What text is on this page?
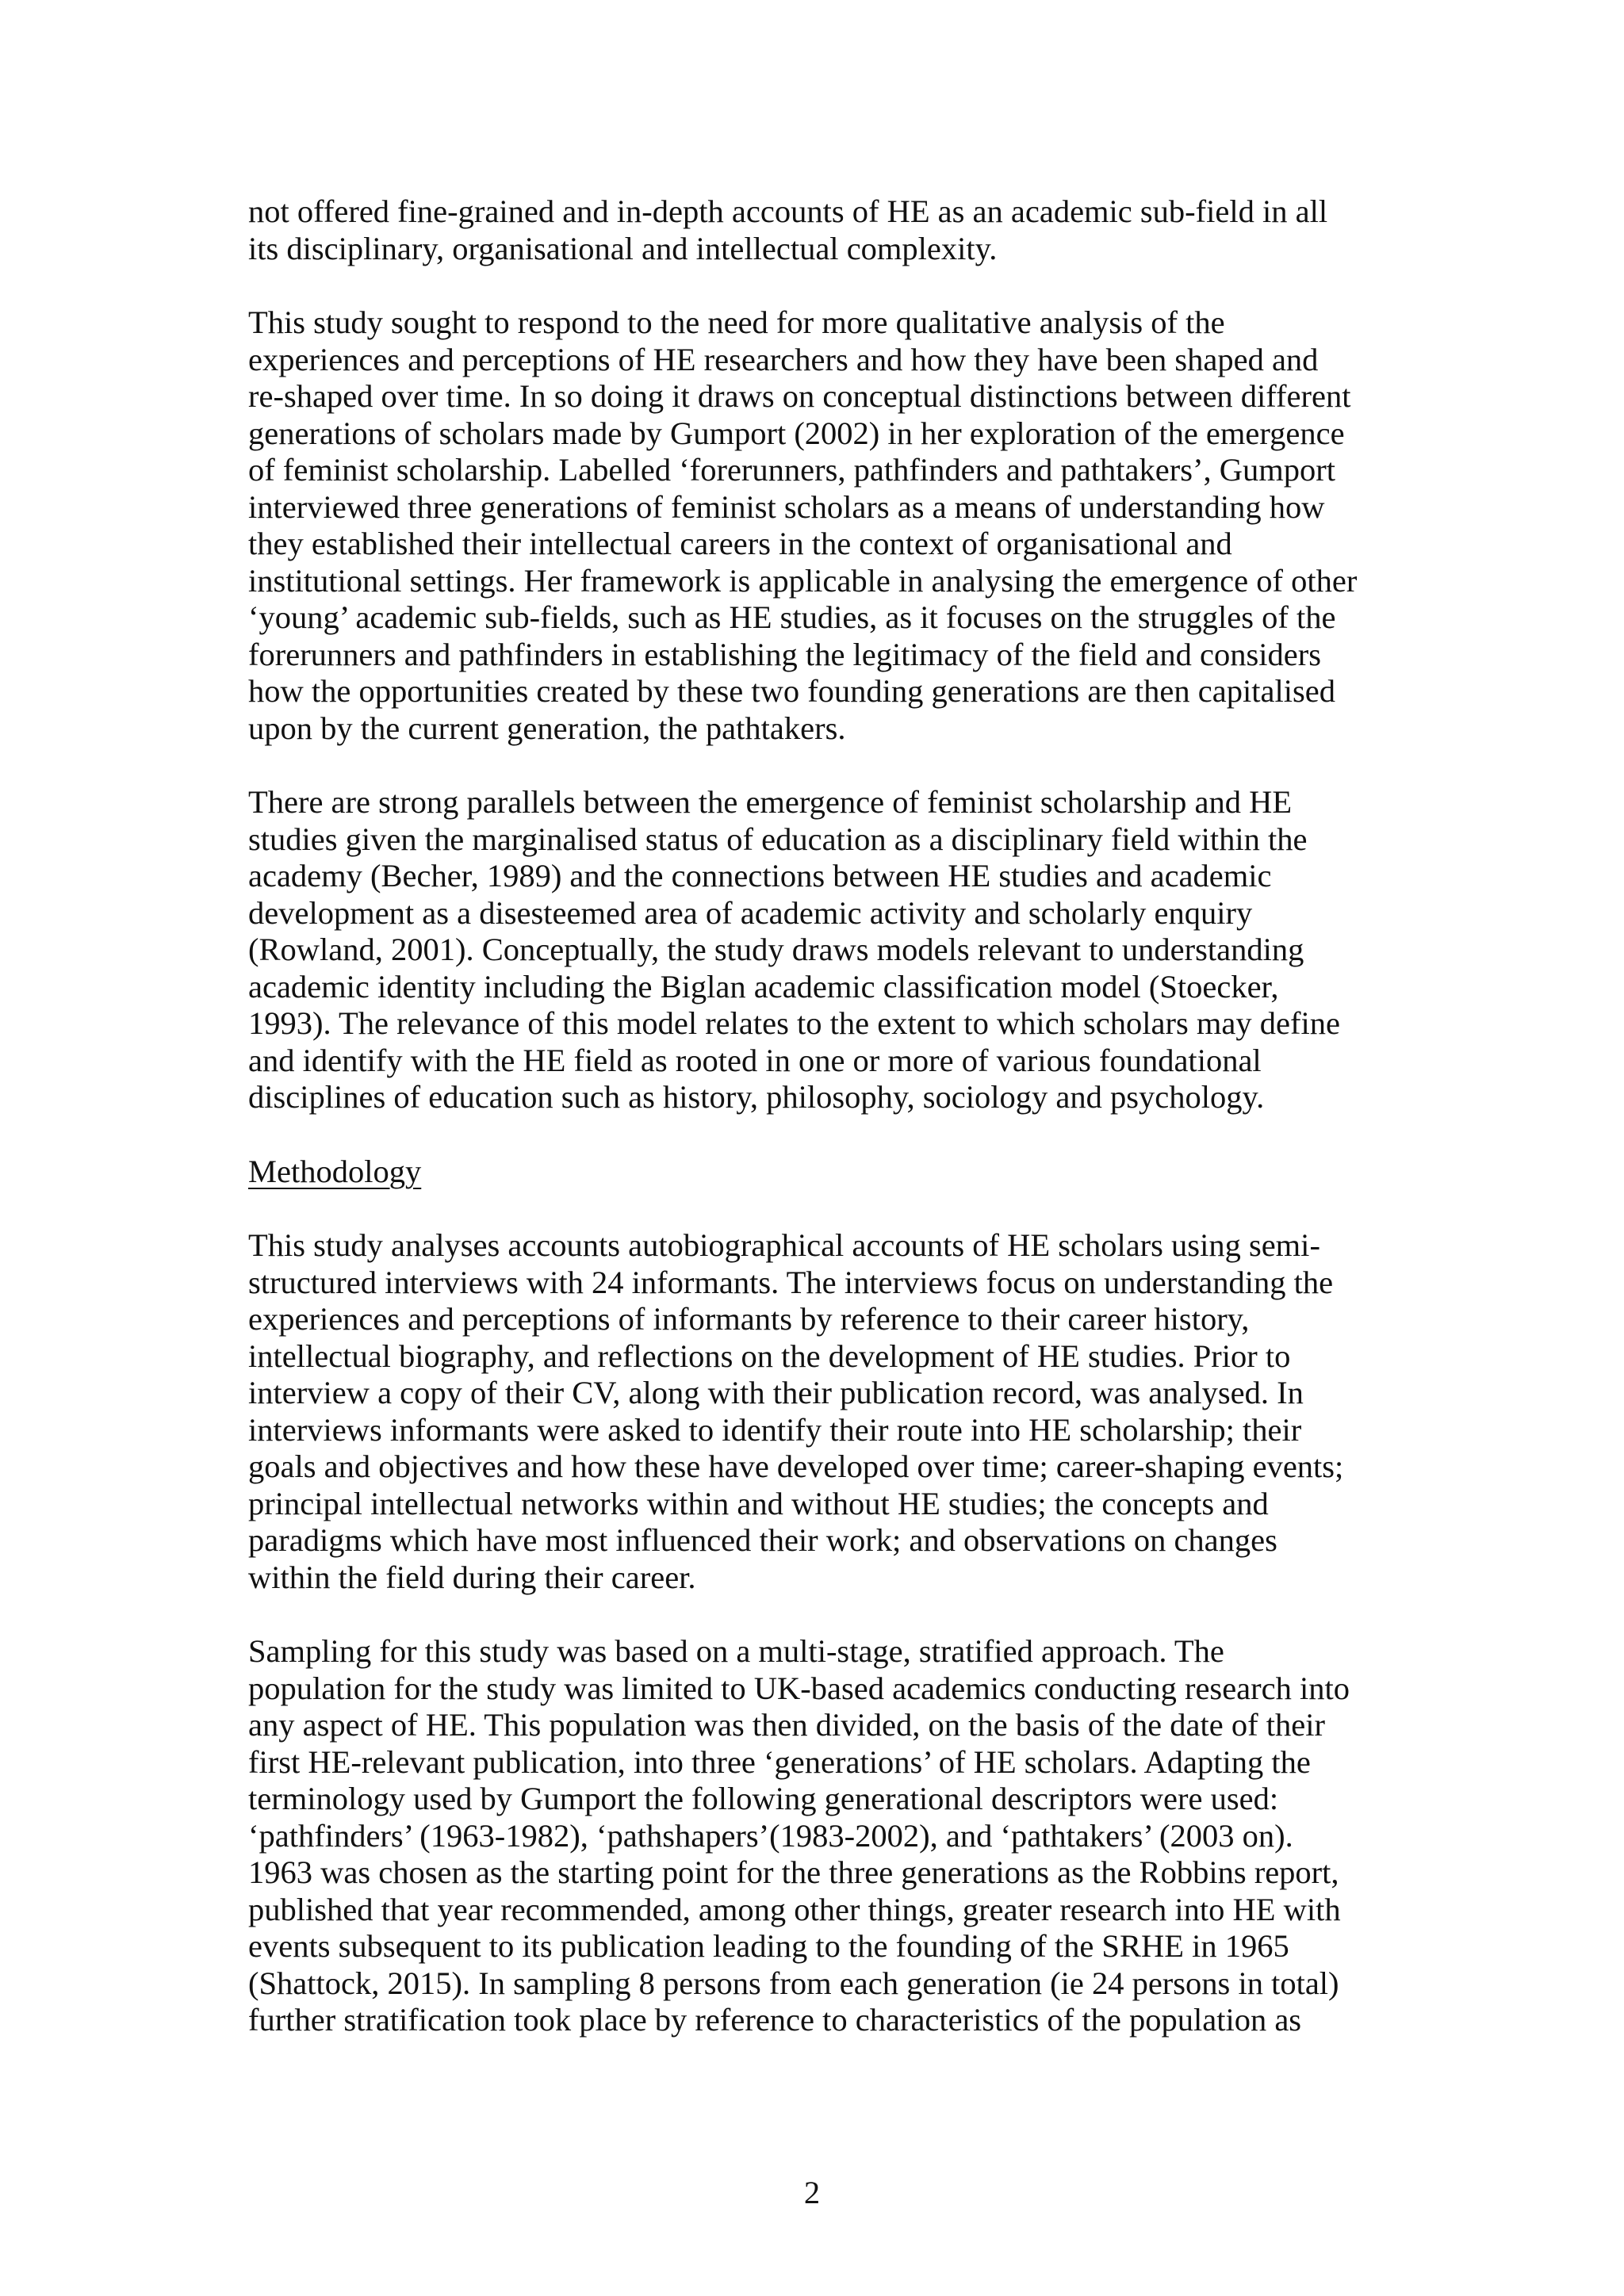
not offered fine-grained and in-depth accounts of HE as an academic sub-field in all
its disciplinary, organisational and intellectual complexity.
This study sought to respond to the need for more qualitative analysis of the
experiences and perceptions of HE researchers and how they have been shaped and
re-shaped over time. In so doing it draws on conceptual distinctions between different
generations of scholars made by Gumport (2002) in her exploration of the emergence
of feminist scholarship. Labelled ‘forerunners, pathfinders and pathtakers’, Gumport
interviewed three generations of feminist scholars as a means of understanding how
they established their intellectual careers in the context of organisational and
institutional settings. Her framework is applicable in analysing the emergence of other
‘young’ academic sub-fields, such as HE studies, as it focuses on the struggles of the
forerunners and pathfinders in establishing the legitimacy of the field and considers
how the opportunities created by these two founding generations are then capitalised
upon by the current generation, the pathtakers.
There are strong parallels between the emergence of feminist scholarship and HE
studies given the marginalised status of education as a disciplinary field within the
academy (Becher, 1989) and the connections between HE studies and academic
development as a disesteemed area of academic activity and scholarly enquiry
(Rowland, 2001). Conceptually, the study draws models relevant to understanding
academic identity including the Biglan academic classification model (Stoecker,
1993). The relevance of this model relates to the extent to which scholars may define
and identify with the HE field as rooted in one or more of various foundational
disciplines of education such as history, philosophy, sociology and psychology.
Methodology
This study analyses accounts autobiographical accounts of HE scholars using semi-
structured interviews with 24 informants. The interviews focus on understanding the
experiences and perceptions of informants by reference to their career history,
intellectual biography, and reflections on the development of HE studies. Prior to
interview a copy of their CV, along with their publication record, was analysed. In
interviews informants were asked to identify their route into HE scholarship; their
goals and objectives and how these have developed over time; career-shaping events;
principal intellectual networks within and without HE studies; the concepts and
paradigms which have most influenced their work; and observations on changes
within the field during their career.
Sampling for this study was based on a multi-stage, stratified approach. The
population for the study was limited to UK-based academics conducting research into
any aspect of HE. This population was then divided, on the basis of the date of their
first HE-relevant publication, into three ‘generations’ of HE scholars. Adapting the
terminology used by Gumport the following generational descriptors were used:
‘pathfinders’ (1963-1982), ‘pathshapers’(1983-2002), and ‘pathtakers’ (2003 on).
1963 was chosen as the starting point for the three generations as the Robbins report,
published that year recommended, among other things, greater research into HE with
events subsequent to its publication leading to the founding of the SRHE in 1965
(Shattock, 2015). In sampling 8 persons from each generation (ie 24 persons in total)
further stratification took place by reference to characteristics of the population as
2
